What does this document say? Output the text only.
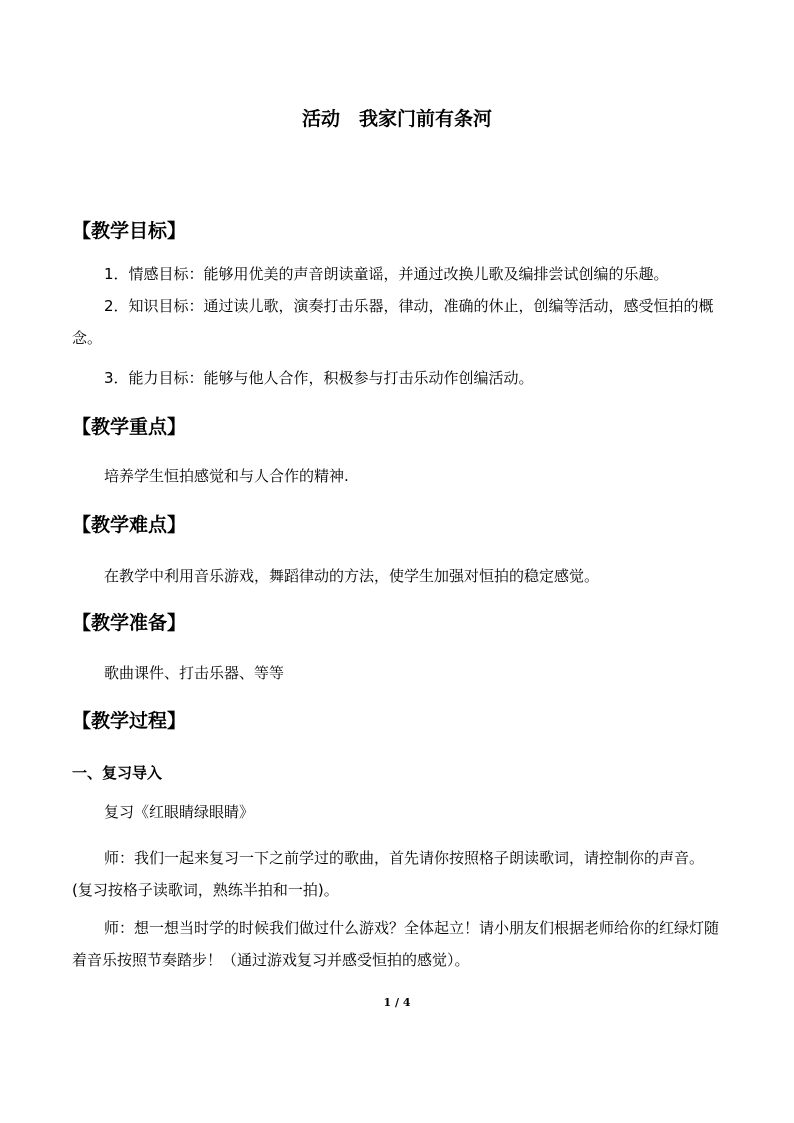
活动　我家门前有条河
【教学目标】
1．情感目标：能够用优美的声音朗读童谣，并通过改换儿歌及编排尝试创编的乐趣。
2．知识目标：通过读儿歌，演奏打击乐器，律动，准确的休止，创编等活动，感受恒拍的概念。
3．能力目标：能够与他人合作，积极参与打击乐动作创编活动。
【教学重点】
培养学生恒拍感觉和与人合作的精神.
【教学难点】
在教学中利用音乐游戏，舞蹈律动的方法，使学生加强对恒拍的稳定感觉。
【教学准备】
歌曲课件、打击乐器、等等
【教学过程】
一、复习导入
复习《红眼睛绿眼睛》
师：我们一起来复习一下之前学过的歌曲，首先请你按照格子朗读歌词，请控制你的声音。(复习按格子读歌词，熟练半拍和一拍)。
师：想一想当时学的时候我们做过什么游戏？全体起立！请小朋友们根据老师给你的红绿灯随着音乐按照节奏踏步！（通过游戏复习并感受恒拍的感觉）。
1 / 4
